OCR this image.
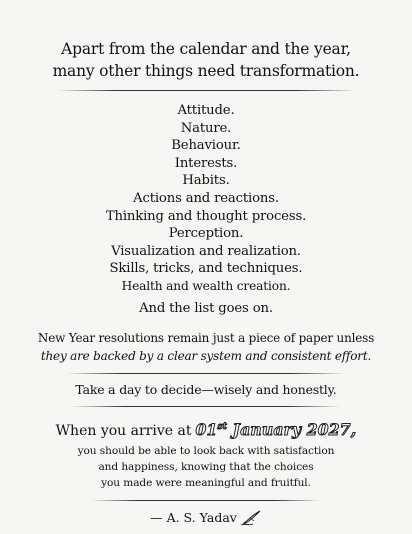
Apart from the calendar and the year,
many other things need transformation.
Attitude.
Nature.
Behaviour.
Interests.
Habits.
Actions and reactions.
Thinking and thought process.
Perception.
Visualization and realization.
Skills, tricks, and techniques.
Health and wealth creation.
And the list goes on.
New Year resolutions remain just a piece of paper unless
they are backed by a clear system and consistent effort.
Take a day to decide—wisely and honestly.
When you arrive at 01st January 2027,
you should be able to look back with satisfaction
and happiness, knowing that the choices
you made were meaningful and fruitful.
— A. S. Yadav
